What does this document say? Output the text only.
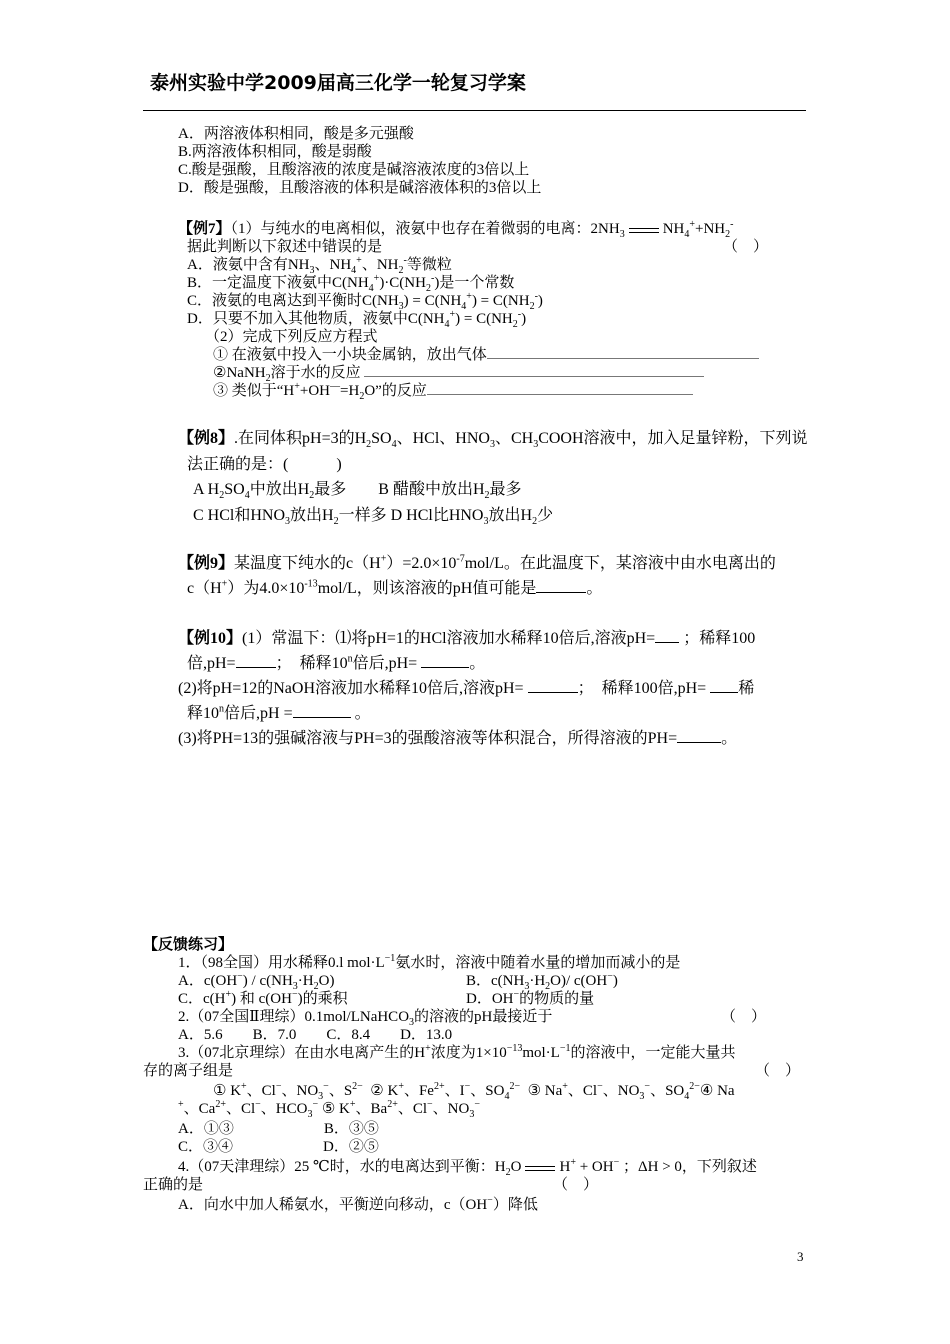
泰州实验中学2009届高三化学一轮复习学案
A．两溶液体积相同，酸是多元强酸
B.两溶液体积相同，酸是弱酸
C.酸是强酸，且酸溶液的浓度是碱溶液浓度的3倍以上
D．酸是强酸，且酸溶液的体积是碱溶液体积的3倍以上
【例7】（1）与纯水的电离相似，液氨中也存在着微弱的电离：$2NH_3$	$NH_4^++NH_2^-$
据此判断以下叙述中错误的是	（　）
A．液氨中含有$NH_3$、$NH_4^+$、$NH_2^-$等微粒
B．一定温度下液氨中$C(NH_4^+)\cdot C(NH_2^-)$是一个常数
C．液氨的电离达到平衡时$C(NH_3) = C(NH_4^+) = C(NH_2^-)$
D．只要不加入其他物质，液氨中$C(NH_4^+) = C(NH_2^-)$
（2）完成下列反应方程式
① 在液氨中投入一小块金属钠，放出气体
②NaNH$_2$溶于水的反应
③ 类似于“$H^++OH^—=H_2O$”的反应
【例8】.在同体积pH=3的$H_2SO_4$、HCl、$HNO_3$、$CH_3COOH$溶液中，加入足量锌粉，下列说
法正确的是：(　　　)
A $H_2SO_4$中放出$H_2$最多　　B 醋酸中放出$H_2$最多
C HCl和$HNO_3$放出$H_2$一样多 D HCl比$HNO_3$放出$H_2$少
【例9】某温度下纯水的$c(H^+)=2.0\times 10^{-7}mol/L$。在此温度下，某溶液中由水电离出的
c（H+）为$4.0\times 10^{-13}mol/L$，则该溶液的pH值可能是	。
【例10】(1）常温下：⑴将pH=1的HCl溶液加水稀释10倍后,溶液pH= ；稀释100
倍,pH=	；　稀释10$^n$倍后,pH=	。
(2)将pH=12的NaOH溶液加水稀释10倍后,溶液pH=	；　稀释100倍,pH= 稀
释10$^n$倍后,pH =	。
(3)将PH=13的强碱溶液与PH=3的强酸溶液等体积混合，所得溶液的PH=	。
【反馈练习】
1．（98全国）用水稀释0.l $mol\cdot L^{-1}$氨水时，溶液中随着水量的增加而减小的是
A．$c(OH^-) / c(NH_3\cdot H_2O)$	B．$c(NH_3\cdot H_2O)/$ c(OH−)
C．c(H+) 和 c(OH−)的乘积	D．OH−的物质的量
2.（07全国Ⅱ理综）0.1mol/LNaHCO$_3$的溶液的pH最接近于	（　）
A．5.6　　B．7.0　　C．8.4　　D．13.0
3.（07北京理综）在由水电离产生的H+浓度为$1\times 10^{-13}mol\cdot L^{-1}$的溶液中，一定能大量共
存的离子组是	（　）
① K+、Cl−、$NO_3^-$、$S^{2-}$  ② K+、$Fe^{2+}$、I−、$SO_4^{2-}$  ③ Na+、Cl−、$NO_3^-$、$SO_4^{2-}④$ Na
+、$Ca^{2+}$、Cl−、$HCO_3^-$ ⑤ K+、$Ba^{2+}$、Cl−、$NO_3^-$
A．①③　　　　　　B．③⑤
C．③④　　　　　　D．②⑤
4.（07天津理综）25 ℃时，水的电离达到平衡：$H_2O$	H+ + OH− ；ΔH > 0，下列叙述
正确的是	（　）
A．向水中加人稀氨水，平衡逆向移动，c（OH−）降低
3
